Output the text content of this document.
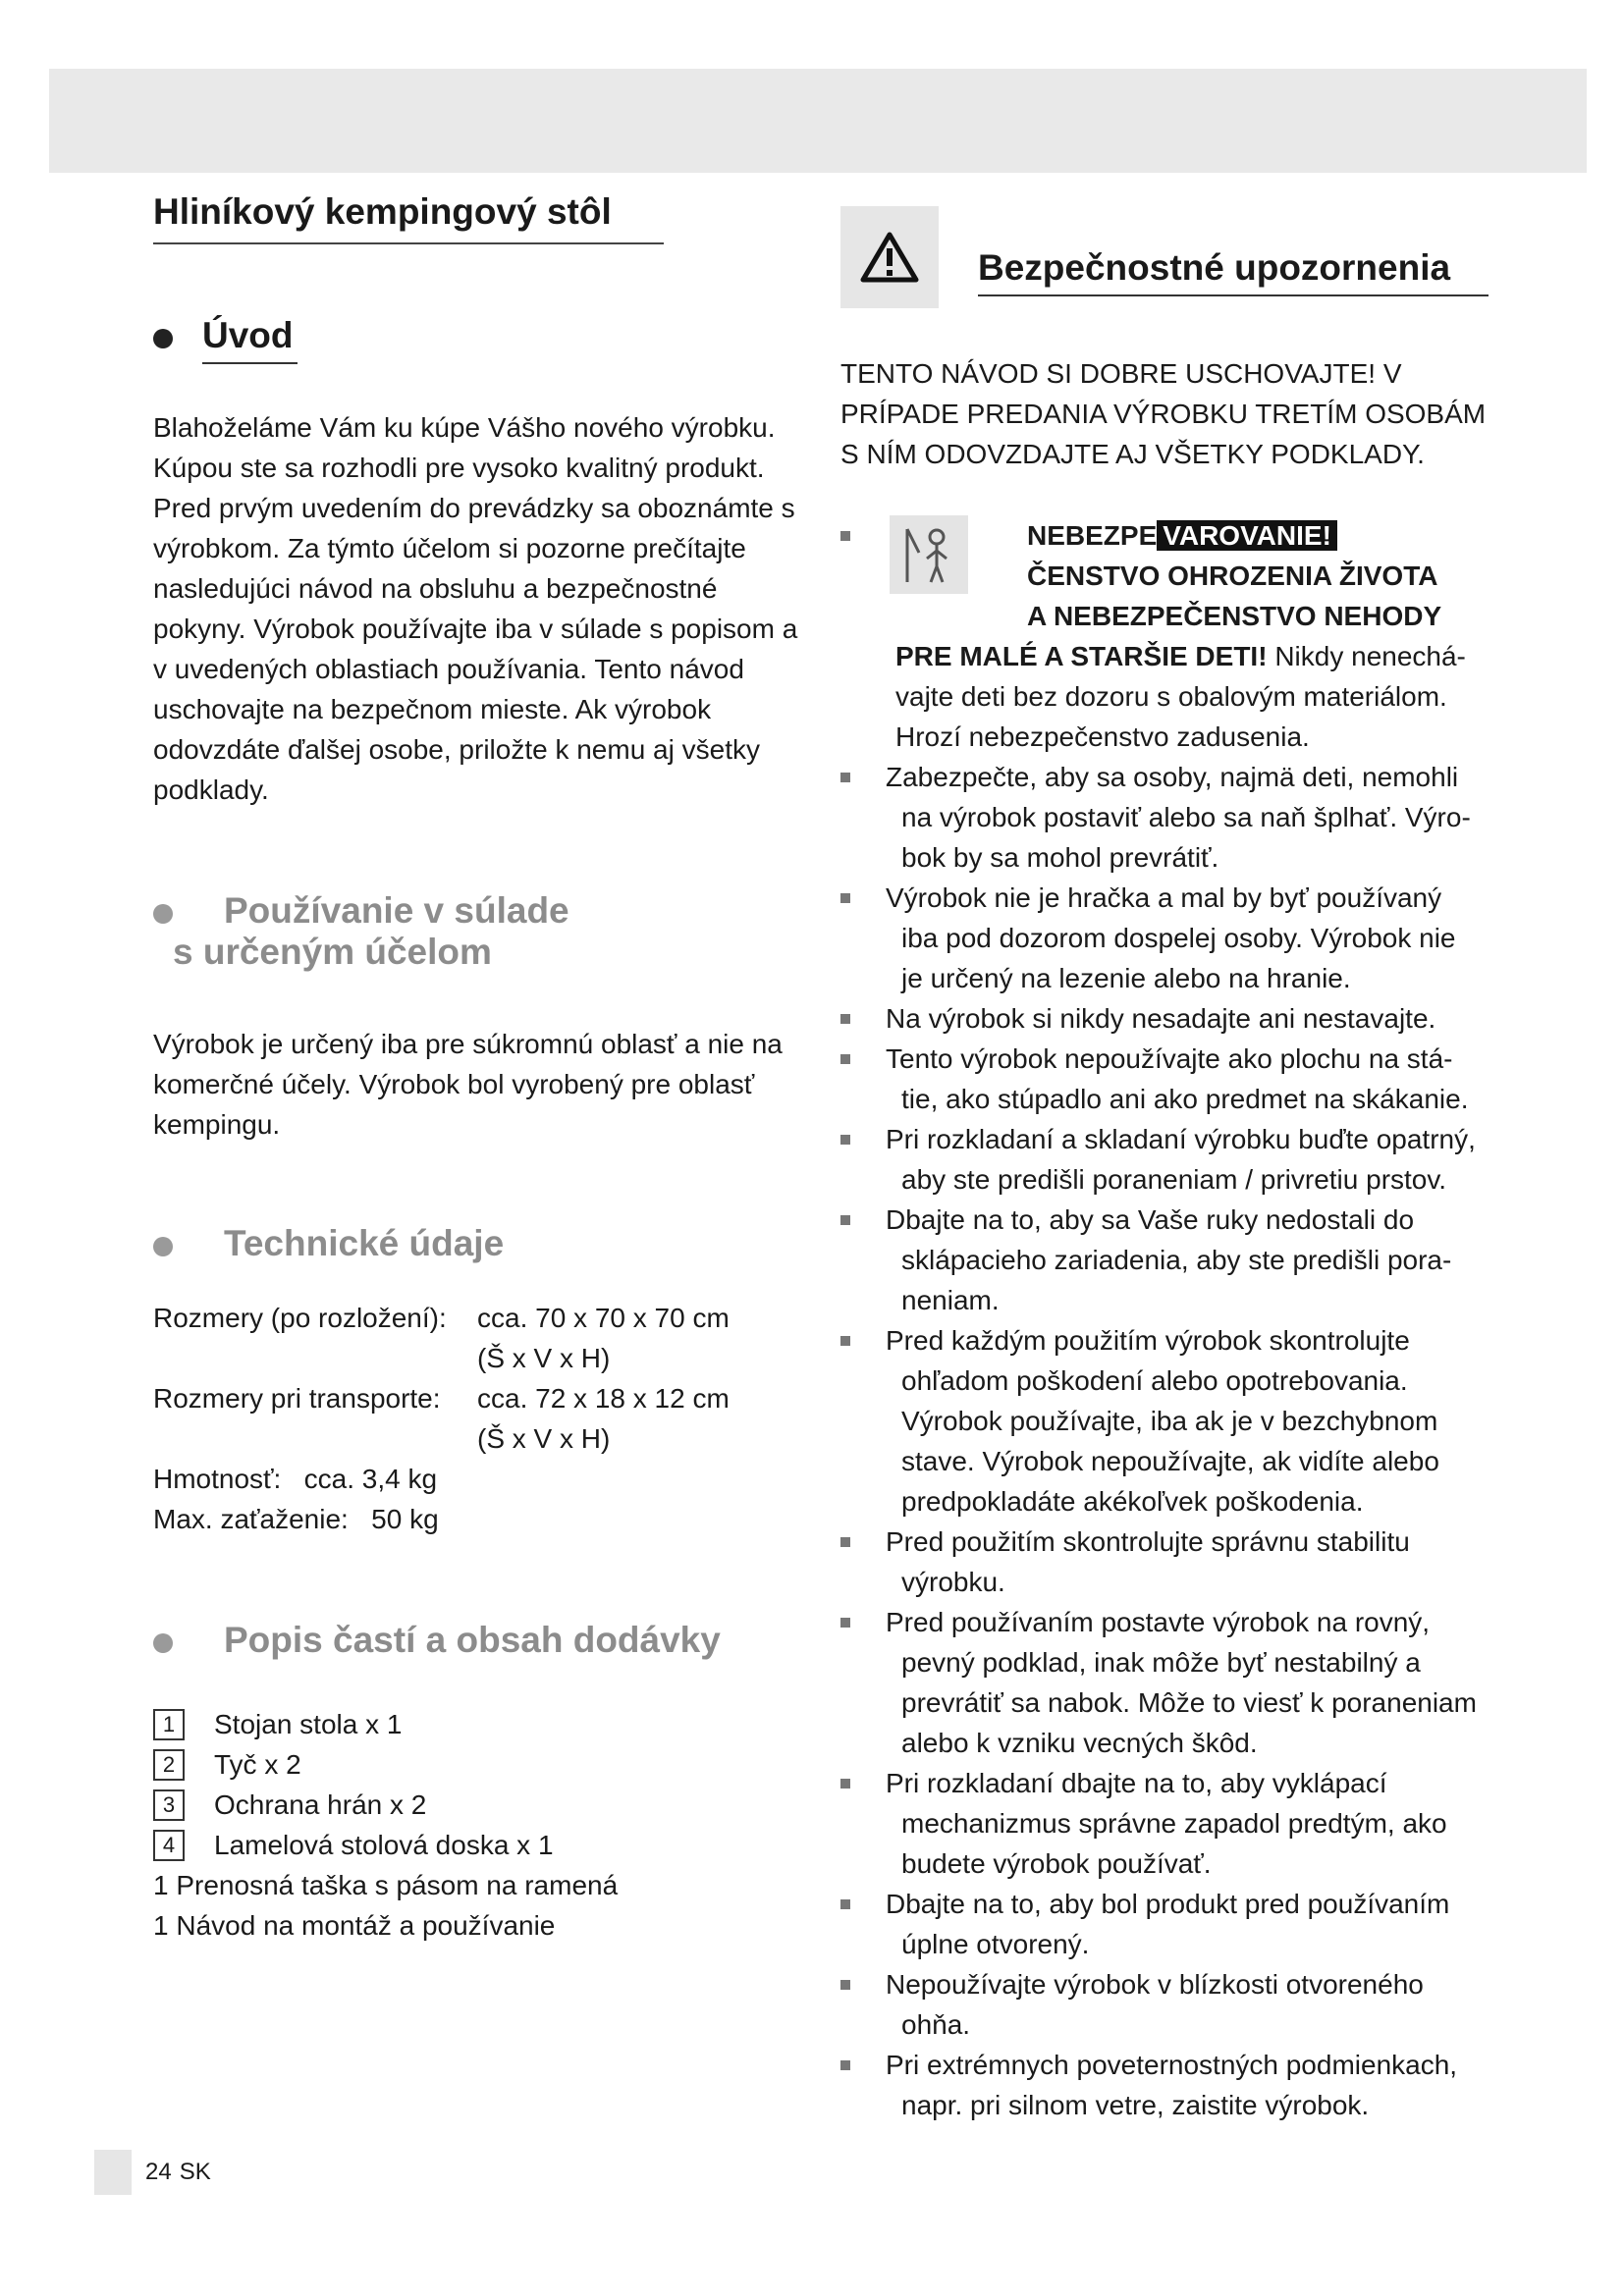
Hliníkový kempingový stôl
Úvod
Blahoželáme Vám ku kúpe Vášho nového výrobku. Kúpou ste sa rozhodli pre vysoko kvalitný produkt. Pred prvým uvedením do prevádzky sa oboznámte s výrobkom. Za týmto účelom si pozorne prečítajte nasledujúci návod na obsluhu a bezpečnostné pokyny. Výrobok používajte iba v súlade s popisom a v uvedených oblastiach používania. Tento návod uschovajte na bezpečnom mieste. Ak výrobok odovzdáte ďalšej osobe, priložte k nemu aj všetky podklady.
Používanie v súlade
s určeným účelom
Výrobok je určený iba pre súkromnú oblasť a nie na komerčné účely. Výrobok bol vyrobený pre oblasť kempingu.
Technické údaje
Rozmery (po rozložení):	cca. 70 x 70 x 70 cm
(Š x V x H)
Rozmery pri transporte:	cca. 72 x 18 x 12 cm
(Š x V x H)
Hmotnosť:   cca. 3,4 kg
Max. zaťaženie:   50 kg
Popis častí a obsah dodávky
1	Stojan stola x 1
2	Tyč x 2
3	Ochrana hrán x 2
4	Lamelová stolová doska x 1
1 Prenosná taška s pásom na ramená
1 Návod na montáž a používanie
Bezpečnostné upozornenia
TENTO NÁVOD SI DOBRE USCHOVAJTE! V
PRÍPADE PREDANIA VÝROBKU TRETÍM OSOBÁM
S NÍM ODOVZDAJTE AJ VŠETKY PODKLADY.
NEBEZPE VAROVANIE!
ČENSTVO OHROZENIA ŽIVOTA
A NEBEZPEČENSTVO NEHODY
PRE MALÉ A STARŠIE DETI! Nikdy nenechá-
vajte deti bez dozoru s obalovým materiálom.
Hrozí nebezpečenstvo zadusenia.
Zabezpečte, aby sa osoby, najmä deti, nemohli
na výrobok postaviť alebo sa naň šplhať. Výro-
bok by sa mohol prevrátiť.
Výrobok nie je hračka a mal by byť používaný
iba pod dozorom dospelej osoby. Výrobok nie
je určený na lezenie alebo na hranie.
Na výrobok si nikdy nesadajte ani nestavajte.
Tento výrobok nepoužívajte ako plochu na stá-
tie, ako stúpadlo ani ako predmet na skákanie.
Pri rozkladaní a skladaní výrobku buďte opatrný,
aby ste predišli poraneniam / privretiu prstov.
Dbajte na to, aby sa Vaše ruky nedostali do
sklápacieho zariadenia, aby ste predišli pora-
neniam.
Pred každým použitím výrobok skontrolujte
ohľadom poškodení alebo opotrebovania.
Výrobok používajte, iba ak je v bezchybnom
stave. Výrobok nepoužívajte, ak vidíte alebo
predpokladáte akékoľvek poškodenia.
Pred použitím skontrolujte správnu stabilitu
výrobku.
Pred používaním postavte výrobok na rovný,
pevný podklad, inak môže byť nestabilný a
prevrátiť sa nabok. Môže to viesť k poraneniam
alebo k vzniku vecných škôd.
Pri rozkladaní dbajte na to, aby vyklápací
mechanizmus správne zapadol predtým, ako
budete výrobok používať.
Dbajte na to, aby bol produkt pred používaním
úplne otvorený.
Nepoužívajte výrobok v blízkosti otvoreného
ohňa.
Pri extrémnych poveternostných podmienkach,
napr. pri silnom vetre, zaistite výrobok.
24 SK
